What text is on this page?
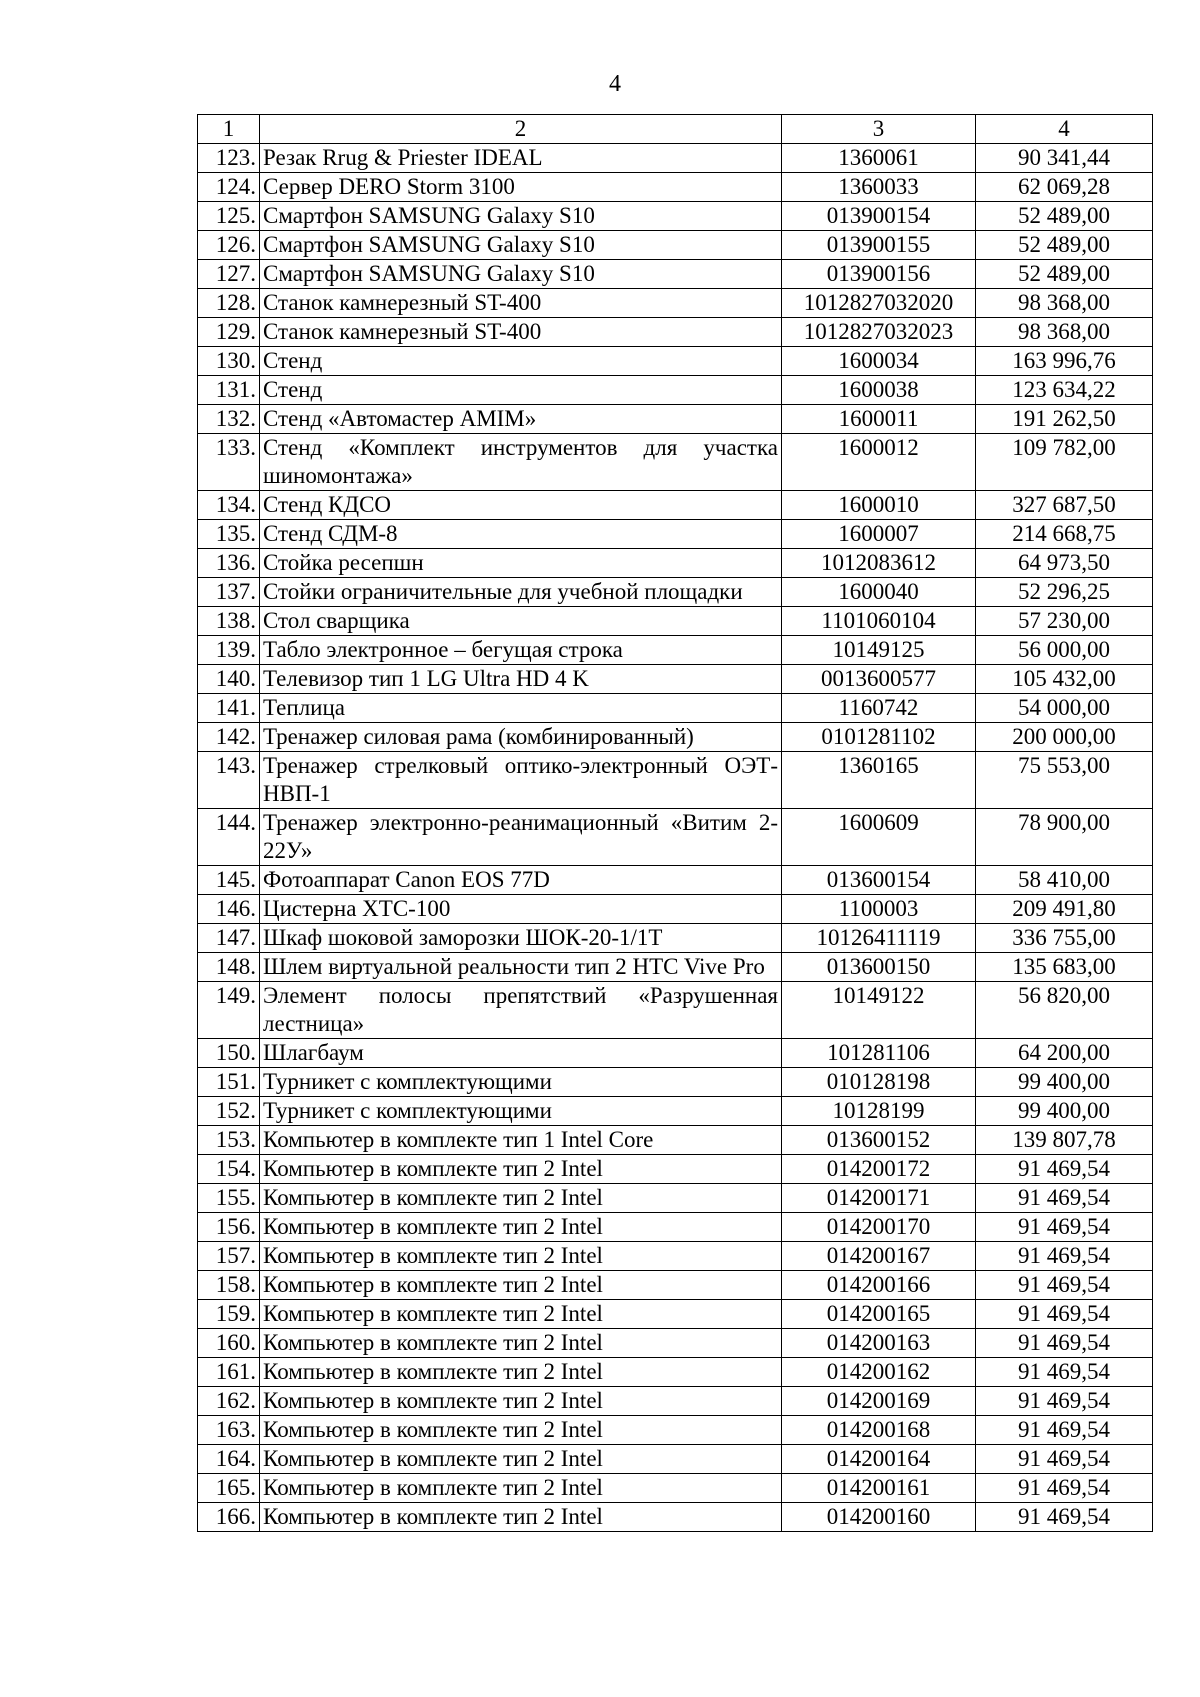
4
1	2	3	4
123.	Резак Rrug & Priester IDEAL	1360061	90 341,44
124.	Сервер DERO Storm 3100	1360033	62 069,28
125.	Смартфон SAMSUNG Galaxy S10	013900154	52 489,00
126.	Смартфон SAMSUNG Galaxy S10	013900155	52 489,00
127.	Смартфон SAMSUNG Galaxy S10	013900156	52 489,00
128.	Станок камнерезный ST-400	1012827032020	98 368,00
129.	Станок камнерезный ST-400	1012827032023	98 368,00
130.	Стенд	1600034	163 996,76
131.	Стенд	1600038	123 634,22
132.	Стенд «Автомастер AMIM»	1600011	191 262,50
133.	Стенд «Комплект инструментов для участка шиномонтажа»	1600012	109 782,00
134.	Стенд КДСО	1600010	327 687,50
135.	Стенд СДМ-8	1600007	214 668,75
136.	Стойка ресепшн	1012083612	64 973,50
137.	Стойки ограничительные для учебной площадки	1600040	52 296,25
138.	Стол сварщика	1101060104	57 230,00
139.	Табло электронное – бегущая строка	10149125	56 000,00
140.	Телевизор тип 1 LG Ultra HD 4 K	0013600577	105 432,00
141.	Теплица	1160742	54 000,00
142.	Тренажер силовая рама (комбинированный)	0101281102	200 000,00
143.	Тренажер стрелковый оптико-электронный ОЭТ-НВП-1	1360165	75 553,00
144.	Тренажер электронно-реанимационный «Витим 2-22У»	1600609	78 900,00
145.	Фотоаппарат Canon EOS 77D	013600154	58 410,00
146.	Цистерна ХТС-100	1100003	209 491,80
147.	Шкаф шоковой заморозки ШОК-20-1/1Т	10126411119	336 755,00
148.	Шлем виртуальной реальности тип 2 HTC Vive Pro	013600150	135 683,00
149.	Элемент полосы препятствий «Разрушенная лестница»	10149122	56 820,00
150.	Шлагбаум	101281106	64 200,00
151.	Турникет с комплектующими	010128198	99 400,00
152.	Турникет с комплектующими	10128199	99 400,00
153.	Компьютер в комплекте тип 1 Intel Core	013600152	139 807,78
154.	Компьютер в комплекте тип 2 Intel	014200172	91 469,54
155.	Компьютер в комплекте тип 2 Intel	014200171	91 469,54
156.	Компьютер в комплекте тип 2 Intel	014200170	91 469,54
157.	Компьютер в комплекте тип 2 Intel	014200167	91 469,54
158.	Компьютер в комплекте тип 2 Intel	014200166	91 469,54
159.	Компьютер в комплекте тип 2 Intel	014200165	91 469,54
160.	Компьютер в комплекте тип 2 Intel	014200163	91 469,54
161.	Компьютер в комплекте тип 2 Intel	014200162	91 469,54
162.	Компьютер в комплекте тип 2 Intel	014200169	91 469,54
163.	Компьютер в комплекте тип 2 Intel	014200168	91 469,54
164.	Компьютер в комплекте тип 2 Intel	014200164	91 469,54
165.	Компьютер в комплекте тип 2 Intel	014200161	91 469,54
166.	Компьютер в комплекте тип 2 Intel	014200160	91 469,54
